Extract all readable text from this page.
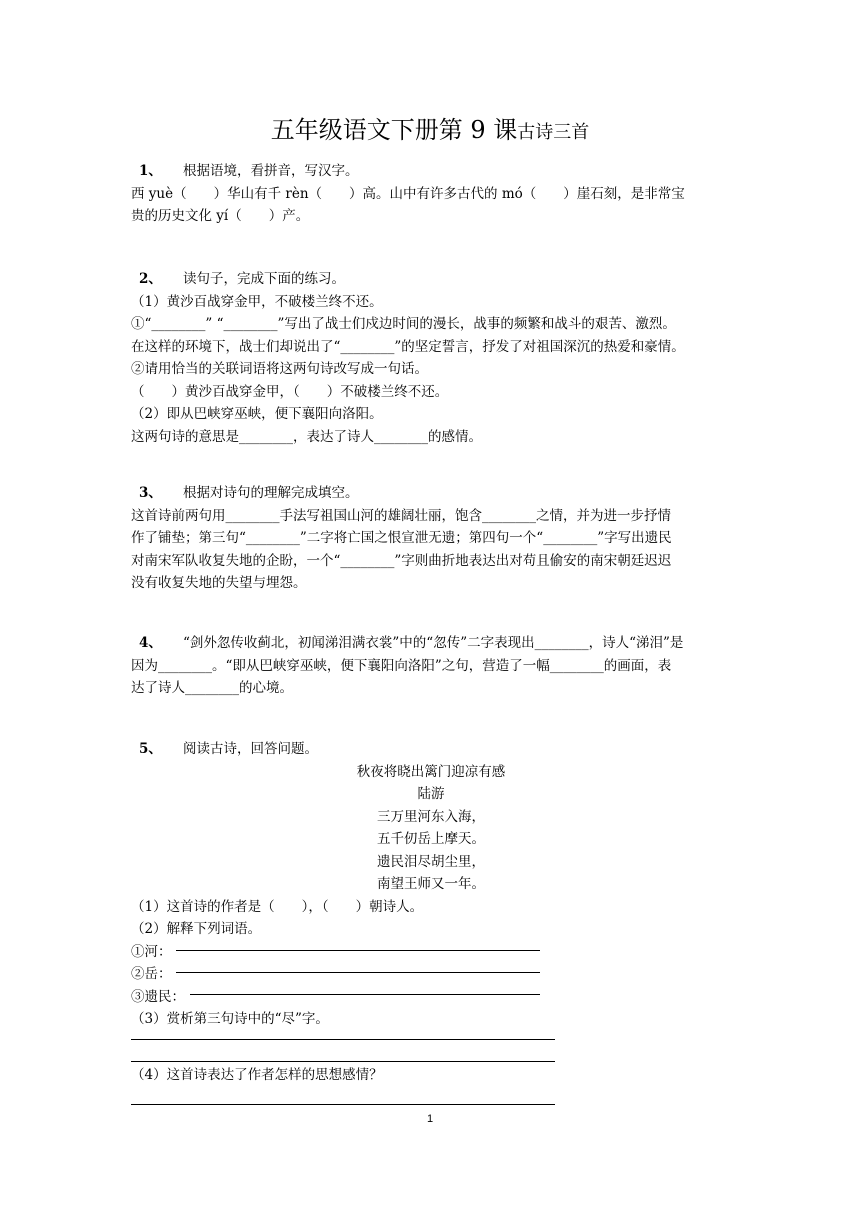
五年级语文下册第 9 课古诗三首
1、 根据语境，看拼音，写汉字。
西 yuè（　　）华山有千 rèn（　　）高。山中有许多古代的 mó（　　）崖石刻，是非常宝
贵的历史文化 yí（　　）产。
2、 读句子，完成下面的练习。
（1）黄沙百战穿金甲，不破楼兰终不还。
①“________” “________”写出了战士们戍边时间的漫长，战事的频繁和战斗的艰苦、激烈。
在这样的环境下，战士们却说出了“________”的坚定誓言，抒发了对祖国深沉的热爱和豪情。
②请用恰当的关联词语将这两句诗改写成一句话。
（　　）黄沙百战穿金甲，（　　）不破楼兰终不还。
（2）即从巴峡穿巫峡，便下襄阳向洛阳。
这两句诗的意思是________，表达了诗人________的感情。
3、 根据对诗句的理解完成填空。
这首诗前两句用________手法写祖国山河的雄阔壮丽，饱含________之情，并为进一步抒情
作了铺垫；第三句“________”二字将亡国之恨宣泄无遗；第四句一个“________”字写出遗民
对南宋军队收复失地的企盼，一个“________”字则曲折地表达出对苟且偷安的南宋朝廷迟迟
没有收复失地的失望与埋怨。
4、 “剑外忽传收蓟北，初闻涕泪满衣裳”中的“忽传”二字表现出________，诗人“涕泪”是
因为________。“即从巴峡穿巫峡，便下襄阳向洛阳”之句，营造了一幅________的画面，表
达了诗人________的心境。
5、 阅读古诗，回答问题。
秋夜将晓出篱门迎凉有感
陆游
三万里河东入海，
五千仞岳上摩天。
遗民泪尽胡尘里，
南望王师又一年。
（1）这首诗的作者是（　　），（　　）朝诗人。
（2）解释下列词语。
①河：
②岳：
③遗民：
（3）赏析第三句诗中的“尽”字。
（4）这首诗表达了作者怎样的思想感情？
1
